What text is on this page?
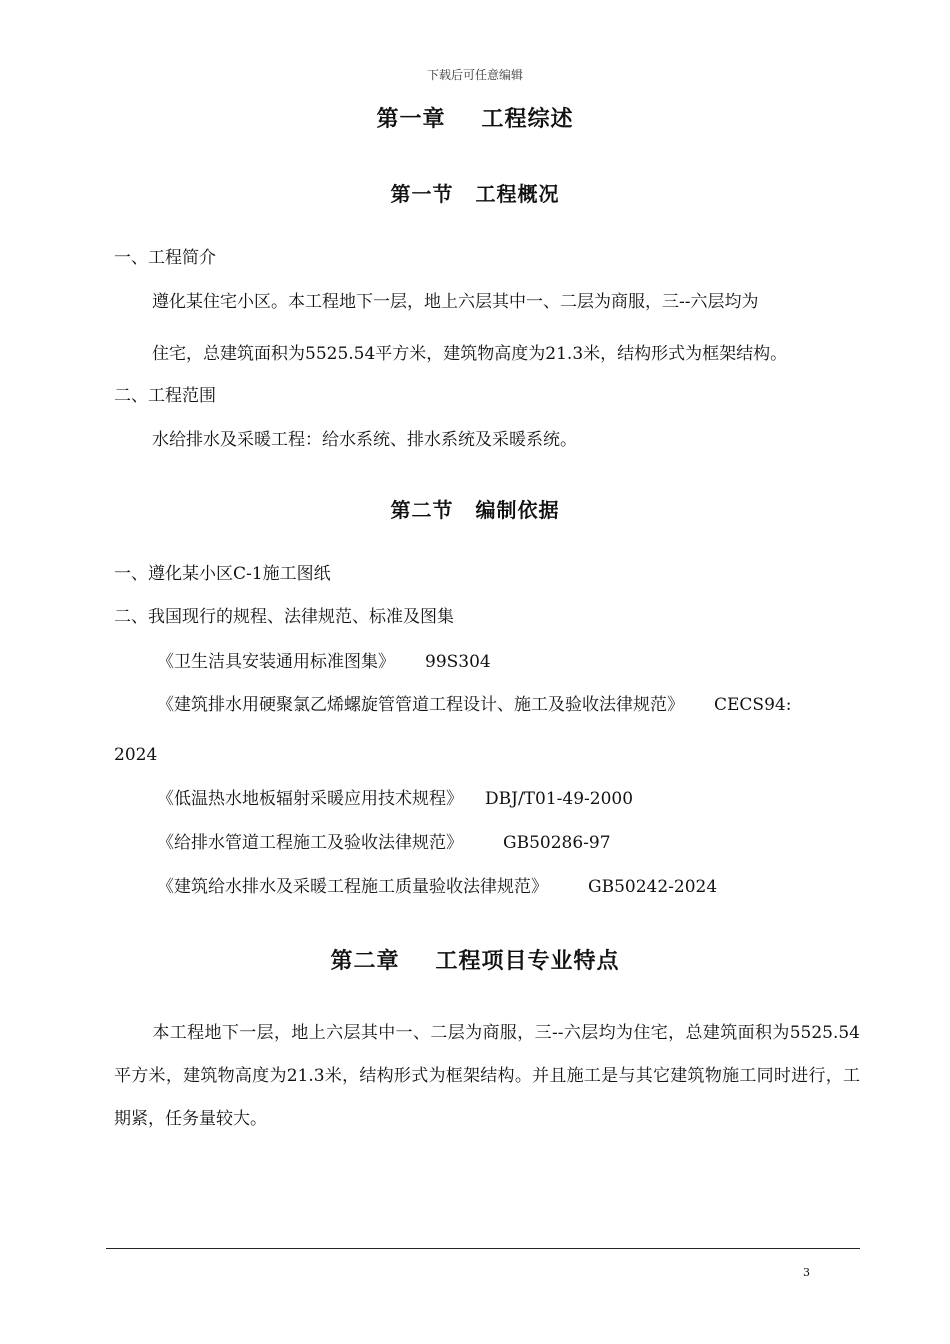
下载后可任意编辑
第一章 工程综述
第一节 工程概况
一、工程简介
遵化某住宅小区。本工程地下一层，地上六层其中一、二层为商服，三--六层均为
住宅，总建筑面积为5525.54平方米，建筑物高度为21.3米，结构形式为框架结构。
二、工程范围
水给排水及采暖工程：给水系统、排水系统及采暖系统。
第二节 编制依据
一、遵化某小区C-1施工图纸
二、我国现行的规程、法律规范、标准及图集
《卫生洁具安装通用标准图集》 99S304
《建筑排水用硬聚氯乙烯螺旋管管道工程设计、施工及验收法律规范》 CECS94:
2024
《低温热水地板辐射采暖应用技术规程》 DBJ/T01-49-2000
《给排水管道工程施工及验收法律规范》 GB50286-97
《建筑给水排水及采暖工程施工质量验收法律规范》 GB50242-2024
第二章 工程项目专业特点
本工程地下一层，地上六层其中一、二层为商服，三--六层均为住宅，总建筑面积为5525.54平方米，建筑物高度为21.3米，结构形式为框架结构。并且施工是与其它建筑物施工同时进行，工期紧，任务量较大。
3
